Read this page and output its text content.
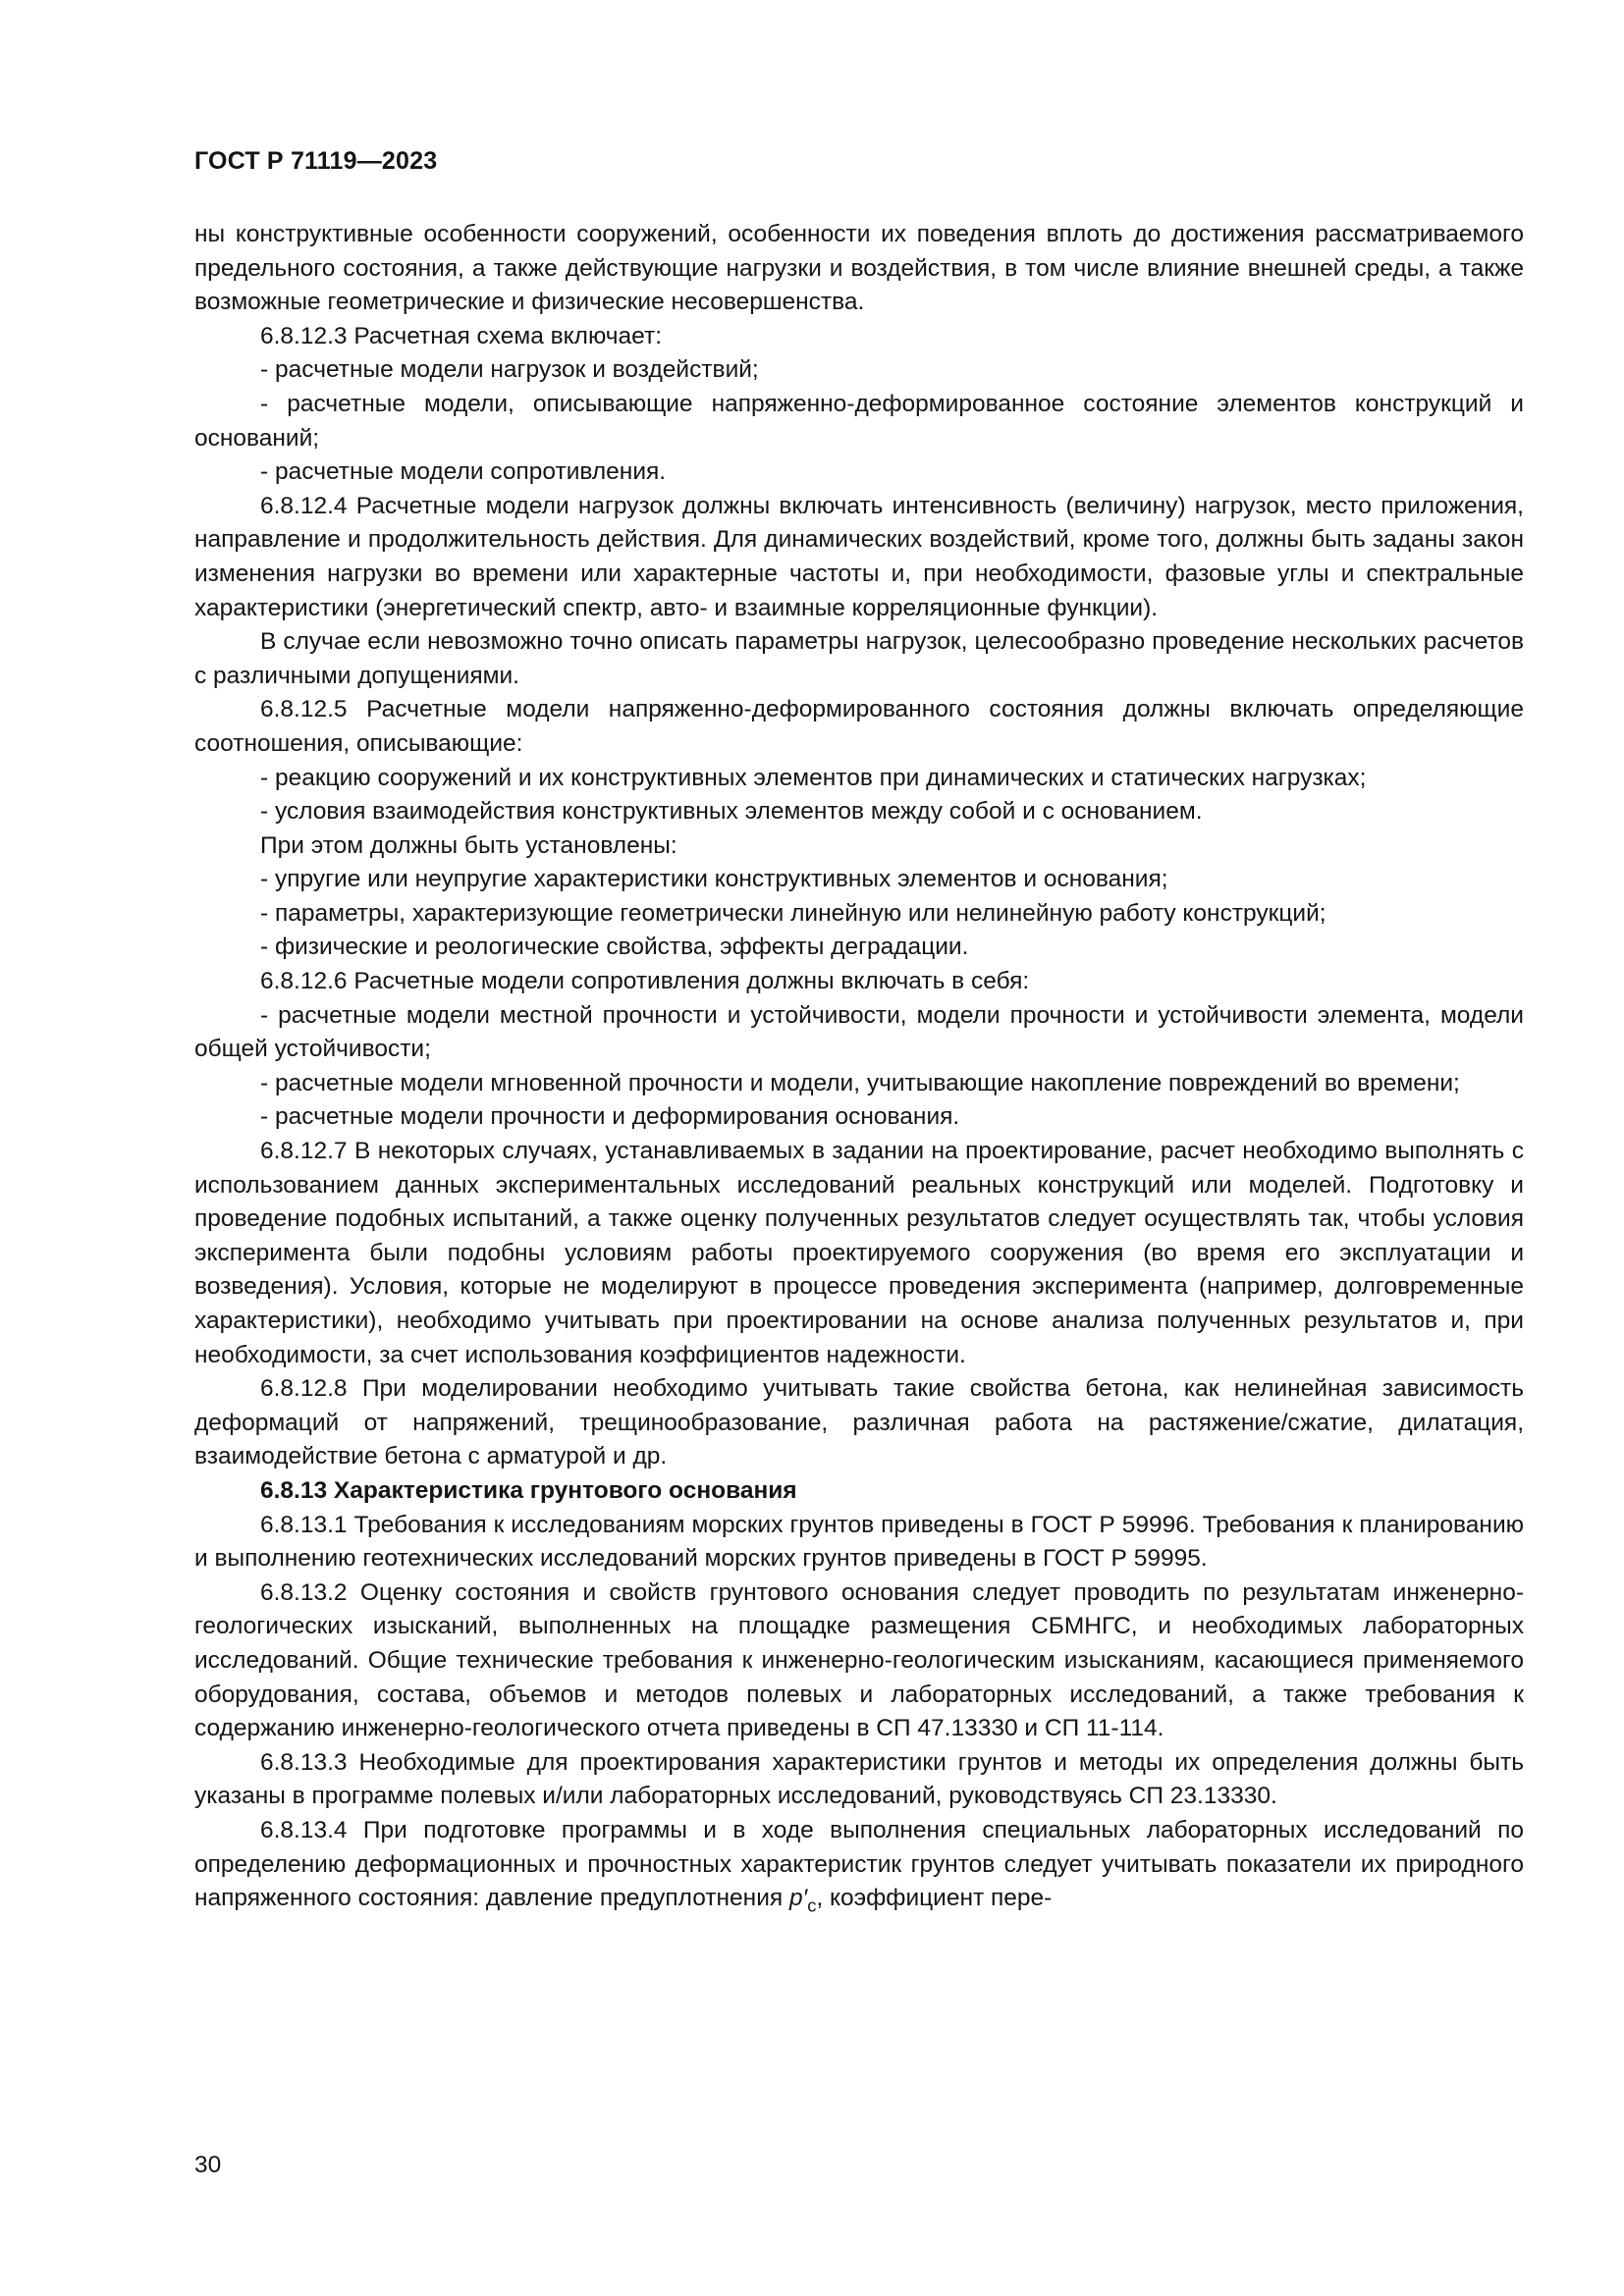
ГОСТ Р 71119—2023

ны конструктивные особенности сооружений, особенности их поведения вплоть до достижения рассматриваемого предельного состояния, а также действующие нагрузки и воздействия, в том числе влияние внешней среды, а также возможные геометрические и физические несовершенства.

6.8.12.3 Расчетная схема включает:

- расчетные модели нагрузок и воздействий;

- расчетные модели, описывающие напряженно-деформированное состояние элементов конструкций и оснований;

- расчетные модели сопротивления.

6.8.12.4 Расчетные модели нагрузок должны включать интенсивность (величину) нагрузок, место приложения, направление и продолжительность действия. Для динамических воздействий, кроме того, должны быть заданы закон изменения нагрузки во времени или характерные частоты и, при необходимости, фазовые углы и спектральные характеристики (энергетический спектр, авто- и взаимные корреляционные функции).

В случае если невозможно точно описать параметры нагрузок, целесообразно проведение нескольких расчетов с различными допущениями.

6.8.12.5 Расчетные модели напряженно-деформированного состояния должны включать определяющие соотношения, описывающие:

- реакцию сооружений и их конструктивных элементов при динамических и статических нагрузках;

- условия взаимодействия конструктивных элементов между собой и с основанием.

При этом должны быть установлены:

- упругие или неупругие характеристики конструктивных элементов и основания;

- параметры, характеризующие геометрически линейную или нелинейную работу конструкций;

- физические и реологические свойства, эффекты деградации.

6.8.12.6 Расчетные модели сопротивления должны включать в себя:

- расчетные модели местной прочности и устойчивости, модели прочности и устойчивости элемента, модели общей устойчивости;

- расчетные модели мгновенной прочности и модели, учитывающие накопление повреждений во времени;

- расчетные модели прочности и деформирования основания.

6.8.12.7 В некоторых случаях, устанавливаемых в задании на проектирование, расчет необходимо выполнять с использованием данных экспериментальных исследований реальных конструкций или моделей. Подготовку и проведение подобных испытаний, а также оценку полученных результатов следует осуществлять так, чтобы условия эксперимента были подобны условиям работы проектируемого сооружения (во время его эксплуатации и возведения). Условия, которые не моделируют в процессе проведения эксперимента (например, долговременные характеристики), необходимо учитывать при проектировании на основе анализа полученных результатов и, при необходимости, за счет использования коэффициентов надежности.

6.8.12.8 При моделировании необходимо учитывать такие свойства бетона, как нелинейная зависимость деформаций от напряжений, трещинообразование, различная работа на растяжение/сжатие, дилатация, взаимодействие бетона с арматурой и др.

6.8.13 Характеристика грунтового основания

6.8.13.1 Требования к исследованиям морских грунтов приведены в ГОСТ Р 59996. Требования к планированию и выполнению геотехнических исследований морских грунтов приведены в ГОСТ Р 59995.

6.8.13.2 Оценку состояния и свойств грунтового основания следует проводить по результатам инженерно-геологических изысканий, выполненных на площадке размещения СБМНГС, и необходимых лабораторных исследований. Общие технические требования к инженерно-геологическим изысканиям, касающиеся применяемого оборудования, состава, объемов и методов полевых и лабораторных исследований, а также требования к содержанию инженерно-геологического отчета приведены в СП 47.13330 и СП 11-114.

6.8.13.3 Необходимые для проектирования характеристики грунтов и методы их определения должны быть указаны в программе полевых и/или лабораторных исследований, руководствуясь СП 23.13330.

6.8.13.4 При подготовке программы и в ходе выполнения специальных лабораторных исследований по определению деформационных и прочностных характеристик грунтов следует учитывать показатели их природного напряженного состояния: давление предуплотнения $p'_c$, коэффициент пере-

30
